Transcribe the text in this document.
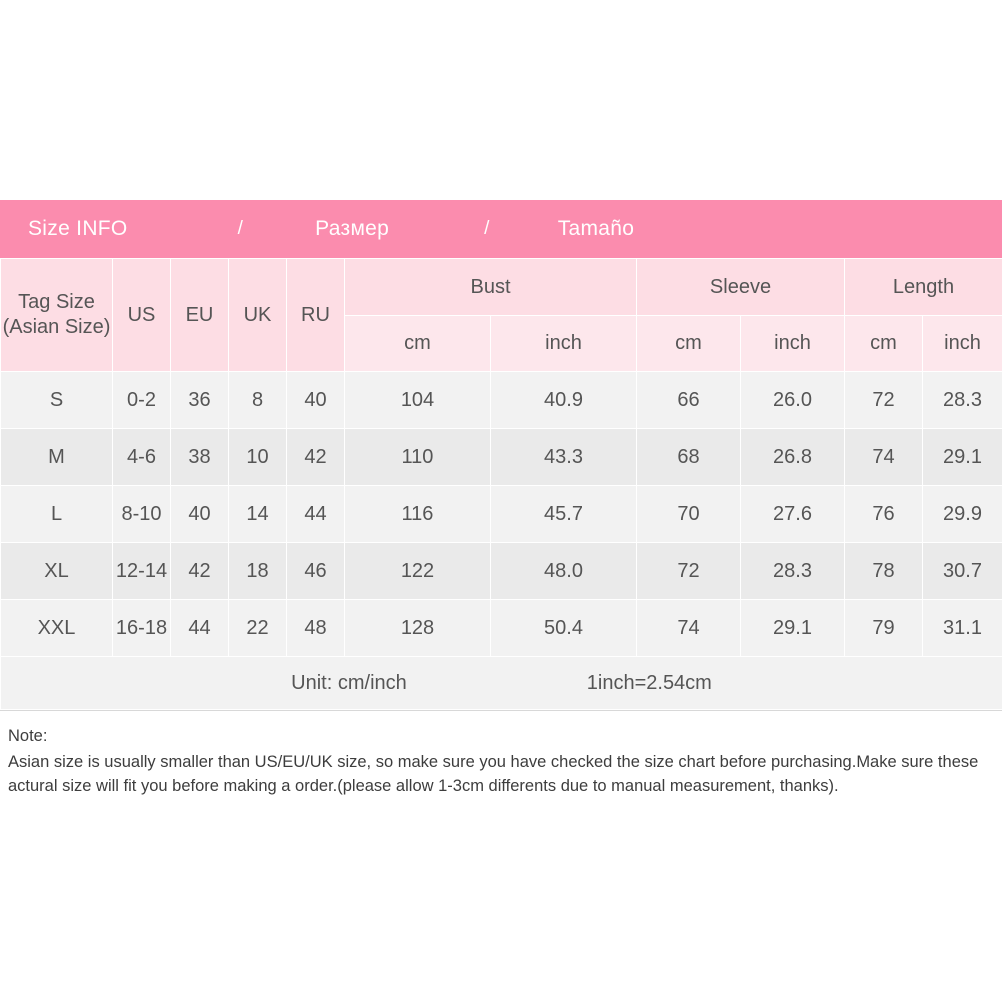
Size INFO	/	Размер	/	Tamaño
Tag Size
(Asian Size)	US	EU	UK	RU	Bust		Sleeve		Length	
					cm	inch	cm	inch	cm	inch
S	0-2	36	8	40	104	40.9	66	26.0	72	28.3
M	4-6	38	10	42	110	43.3	68	26.8	74	29.1
L	8-10	40	14	44	116	45.7	70	27.6	76	29.9
XL	12-14	42	18	46	122	48.0	72	28.3	78	30.7
XXL	16-18	44	22	48	128	50.4	74	29.1	79	31.1

Unit: cm/inch 1inch=2.54cm										
Note:
Asian size is usually smaller than US/EU/UK size, so make sure you have checked the size chart before purchasing.Make sure these actural size will fit you before making a order.(please allow 1-3cm differents due to manual measurement, thanks).
